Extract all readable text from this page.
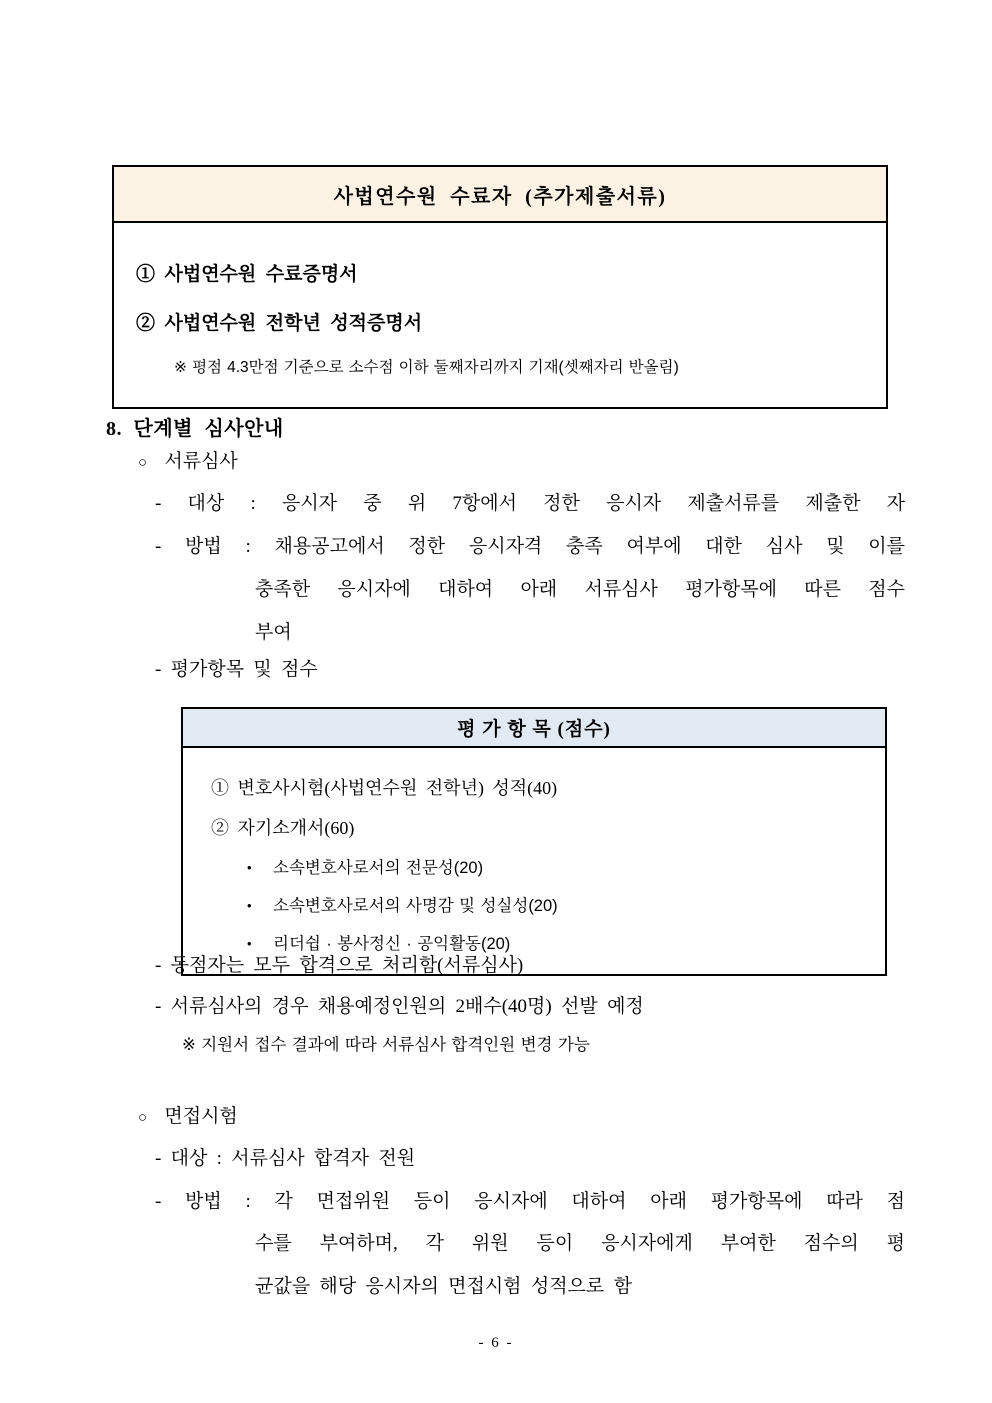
사법연수원 수료자 (추가제출서류)
① 사법연수원 수료증명서
② 사법연수원 전학년 성적증명서
※ 평점 4.3만점 기준으로 소수점 이하 둘째자리까지 기재(셋째자리 반올림)
8. 단계별 심사안내
○ 서류심사
- 대상 : 응시자 중 위 7항에서 정한 응시자 제출서류를 제출한 자
- 방법 : 채용공고에서 정한 응시자격 충족 여부에 대한 심사 및 이를
충족한 응시자에 대하여 아래 서류심사 평가항목에 따른 점수
부여
- 평가항목 및 점수
평 가 항 목 (점수)
① 변호사시험(사법연수원 전학년) 성적(40)
② 자기소개서(60)
• 소속변호사로서의 전문성(20)
• 소속변호사로서의 사명감 및 성실성(20)
• 리더쉽 · 봉사정신 · 공익활동(20)
- 동점자는 모두 합격으로 처리함(서류심사)
- 서류심사의 경우 채용예정인원의 2배수(40명) 선발 예정
※ 지원서 접수 결과에 따라 서류심사 합격인원 변경 가능
○ 면접시험
- 대상 : 서류심사 합격자 전원
- 방법 : 각 면접위원 등이 응시자에 대하여 아래 평가항목에 따라 점
수를 부여하며, 각 위원 등이 응시자에게 부여한 점수의 평
균값을 해당 응시자의 면접시험 성적으로 함
- 6 -
